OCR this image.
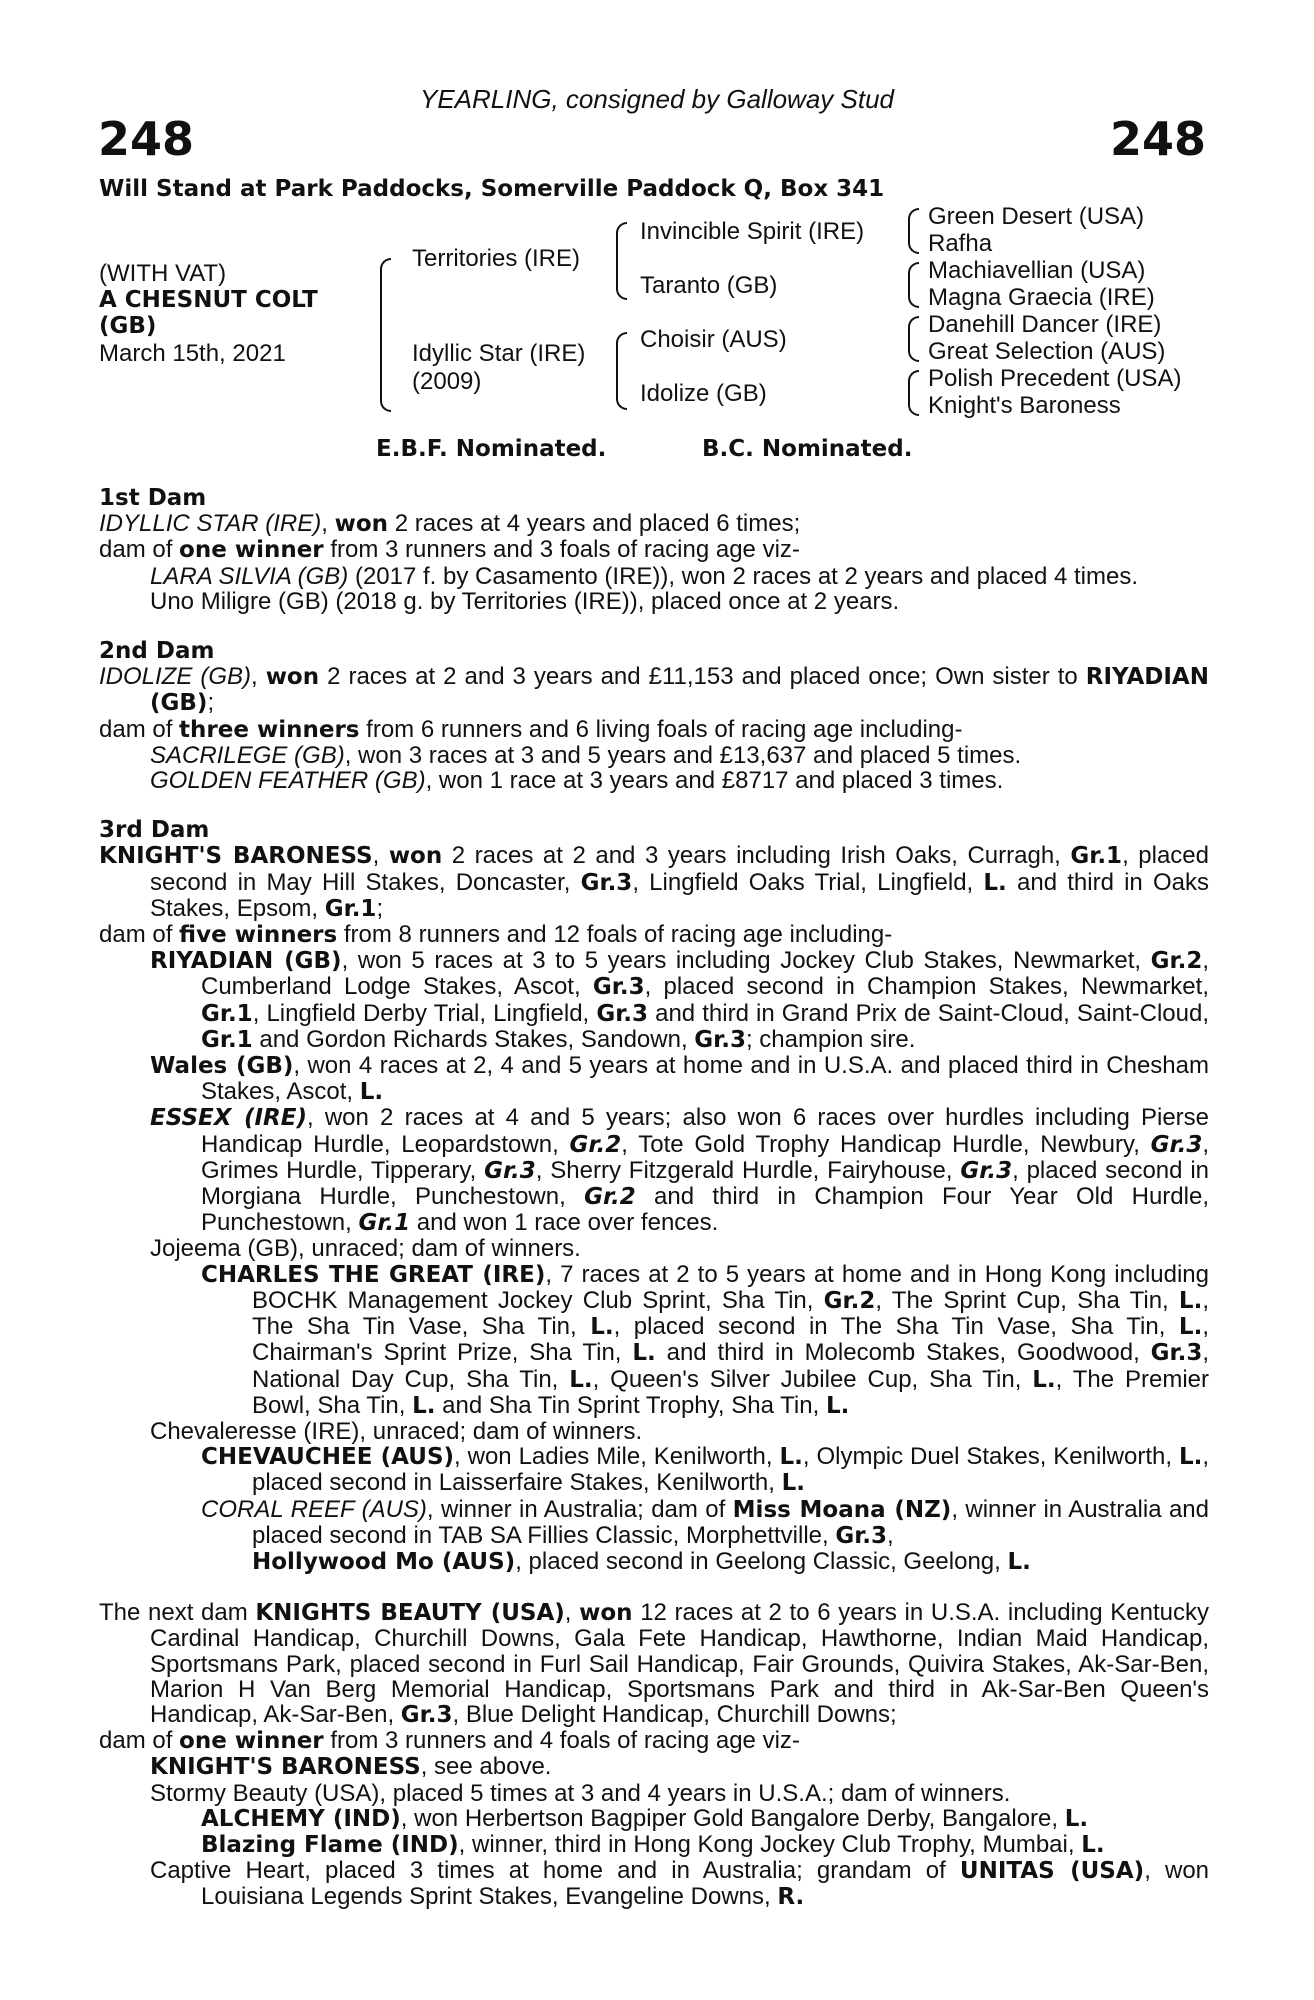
YEARLING, consigned by Galloway Stud
248	248
Will Stand at Park Paddocks, Somerville Paddock Q, Box 341
(WITH VAT)
A CHESNUT COLT
(GB)
March 15th, 2021
Territories (IRE)
Idyllic Star (IRE)
(2009)
Invincible Spirit (IRE)
Taranto (GB)
Choisir (AUS)
Idolize (GB)
Green Desert (USA)
Rafha
Machiavellian (USA)
Magna Graecia (IRE)
Danehill Dancer (IRE)
Great Selection (AUS)
Polish Precedent (USA)
Knight's Baroness
E.B.F. Nominated.	B.C. Nominated.

1st Dam

IDYLLIC STAR (IRE), won 2 races at 4 years and placed 6 times;

dam of one winner from 3 runners and 3 foals of racing age viz-

LARA SILVIA (GB) (2017 f. by Casamento (IRE)), won 2 races at 2 years and placed 4 times.

Uno Miligre (GB) (2018 g. by Territories (IRE)), placed once at 2 years.

2nd Dam

IDOLIZE (GB), won 2 races at 2 and 3 years and £11,153 and placed once; Own sister to RIYADIAN (GB);

dam of three winners from 6 runners and 6 living foals of racing age including-

SACRILEGE (GB), won 3 races at 3 and 5 years and £13,637 and placed 5 times.

GOLDEN FEATHER (GB), won 1 race at 3 years and £8717 and placed 3 times.

3rd Dam

KNIGHT'S BARONESS, won 2 races at 2 and 3 years including Irish Oaks, Curragh, Gr.1, placed second in May Hill Stakes, Doncaster, Gr.3, Lingfield Oaks Trial, Lingfield, L. and third in Oaks Stakes, Epsom, Gr.1;

dam of five winners from 8 runners and 12 foals of racing age including-

RIYADIAN (GB), won 5 races at 3 to 5 years including Jockey Club Stakes, Newmarket, Gr.2, Cumberland Lodge Stakes, Ascot, Gr.3, placed second in Champion Stakes, Newmarket, Gr.1, Lingfield Derby Trial, Lingfield, Gr.3 and third in Grand Prix de Saint-Cloud, Saint-Cloud, Gr.1 and Gordon Richards Stakes, Sandown, Gr.3; champion sire.

Wales (GB), won 4 races at 2, 4 and 5 years at home and in U.S.A. and placed third in Chesham Stakes, Ascot, L.

ESSEX (IRE), won 2 races at 4 and 5 years; also won 6 races over hurdles including Pierse Handicap Hurdle, Leopardstown, Gr.2, Tote Gold Trophy Handicap Hurdle, Newbury, Gr.3, Grimes Hurdle, Tipperary, Gr.3, Sherry Fitzgerald Hurdle, Fairyhouse, Gr.3, placed second in Morgiana Hurdle, Punchestown, Gr.2 and third in Champion Four Year Old Hurdle, Punchestown, Gr.1 and won 1 race over fences.

Jojeema (GB), unraced; dam of winners.

CHARLES THE GREAT (IRE), 7 races at 2 to 5 years at home and in Hong Kong including BOCHK Management Jockey Club Sprint, Sha Tin, Gr.2, The Sprint Cup, Sha Tin, L., The Sha Tin Vase, Sha Tin, L., placed second in The Sha Tin Vase, Sha Tin, L., Chairman's Sprint Prize, Sha Tin, L. and third in Molecomb Stakes, Goodwood, Gr.3, National Day Cup, Sha Tin, L., Queen's Silver Jubilee Cup, Sha Tin, L., The Premier Bowl, Sha Tin, L. and Sha Tin Sprint Trophy, Sha Tin, L.

Chevaleresse (IRE), unraced; dam of winners.

CHEVAUCHEE (AUS), won Ladies Mile, Kenilworth, L., Olympic Duel Stakes, Kenilworth, L., placed second in Laisserfaire Stakes, Kenilworth, L.

CORAL REEF (AUS), winner in Australia; dam of Miss Moana (NZ), winner in Australia and placed second in TAB SA Fillies Classic, Morphettville, Gr.3,

Hollywood Mo (AUS), placed second in Geelong Classic, Geelong, L.

The next dam KNIGHTS BEAUTY (USA), won 12 races at 2 to 6 years in U.S.A. including Kentucky Cardinal Handicap, Churchill Downs, Gala Fete Handicap, Hawthorne, Indian Maid Handicap, Sportsmans Park, placed second in Furl Sail Handicap, Fair Grounds, Quivira Stakes, Ak-Sar-Ben, Marion H Van Berg Memorial Handicap, Sportsmans Park and third in Ak-Sar-Ben Queen's Handicap, Ak-Sar-Ben, Gr.3, Blue Delight Handicap, Churchill Downs;

dam of one winner from 3 runners and 4 foals of racing age viz-

KNIGHT'S BARONESS, see above.

Stormy Beauty (USA), placed 5 times at 3 and 4 years in U.S.A.; dam of winners.

ALCHEMY (IND), won Herbertson Bagpiper Gold Bangalore Derby, Bangalore, L.

Blazing Flame (IND), winner, third in Hong Kong Jockey Club Trophy, Mumbai, L.

Captive Heart, placed 3 times at home and in Australia; grandam of UNITAS (USA), won Louisiana Legends Sprint Stakes, Evangeline Downs, R.
